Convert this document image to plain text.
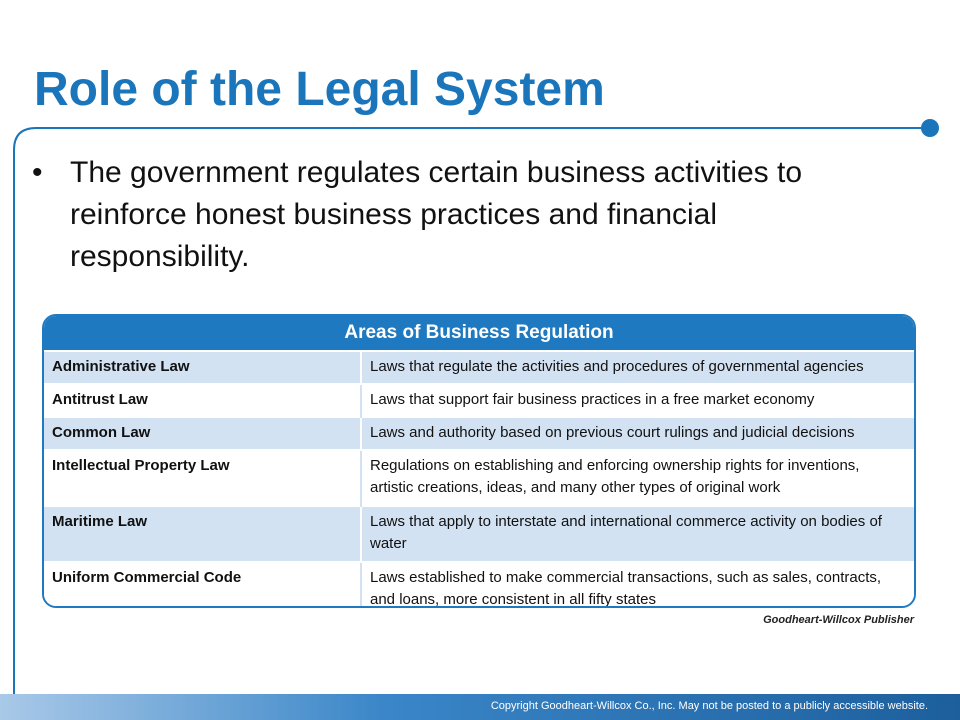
Role of the Legal System
• The government regulates certain business activities to reinforce honest business practices and financial responsibility.
Areas of Business Regulation
Administrative Law	Laws that regulate the activities and procedures of governmental agencies
Antitrust Law	Laws that support fair business practices in a free market economy
Common Law	Laws and authority based on previous court rulings and judicial decisions
Intellectual Property Law	Regulations on establishing and enforcing ownership rights for inventions, artistic creations, ideas, and many other types of original work
Maritime Law	Laws that apply to interstate and international commerce activity on bodies of water
Uniform Commercial Code	Laws established to make commercial transactions, such as sales, contracts, and loans, more consistent in all fifty states
Goodheart-Willcox Publisher
Copyright Goodheart-Willcox Co., Inc. May not be posted to a publicly accessible website.
